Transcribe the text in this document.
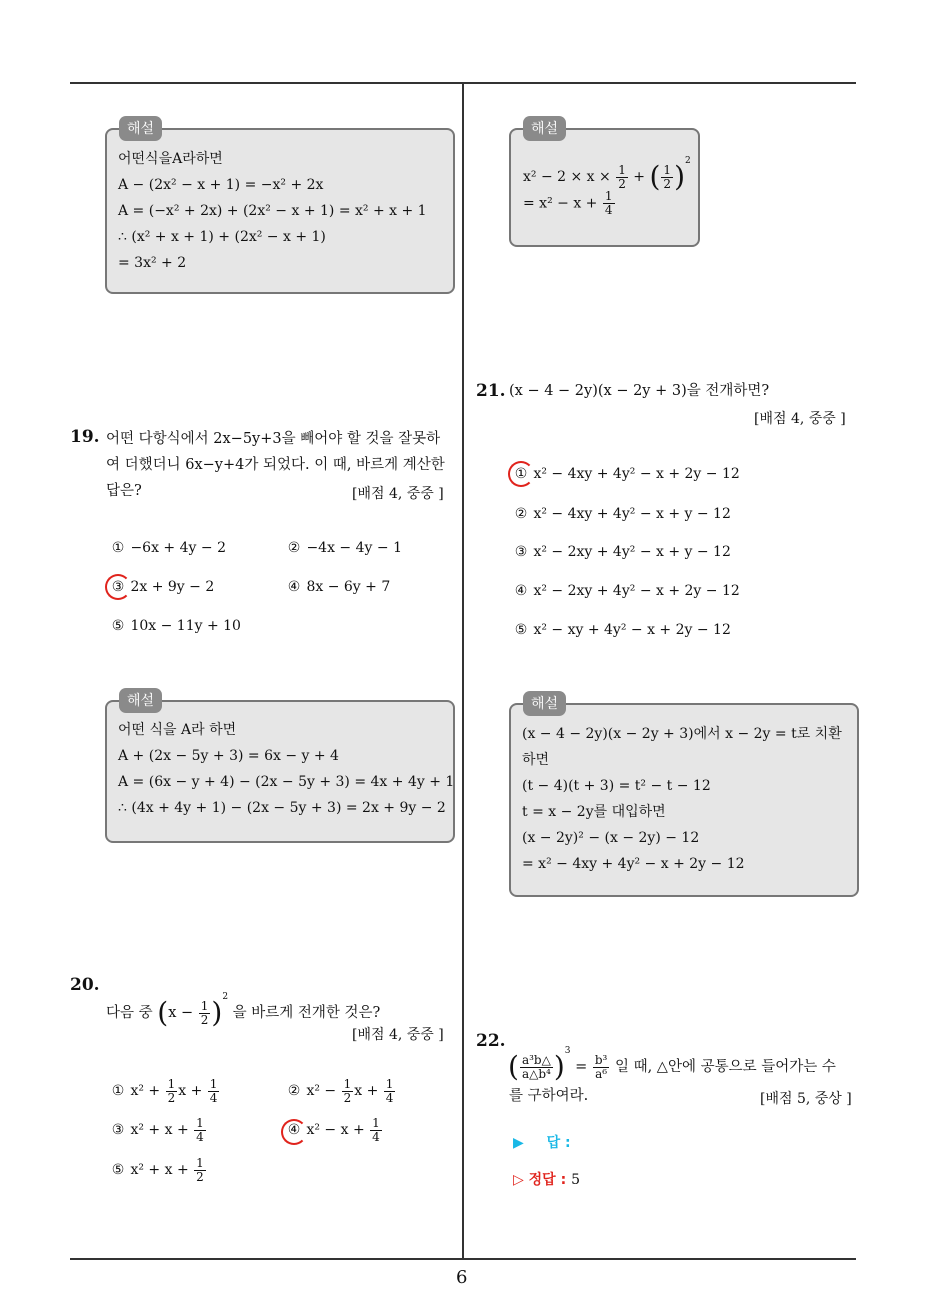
해설
어떤식을A라하면
A − (2x² − x + 1) = −x² + 2x
A = (−x² + 2x) + (2x² − x + 1) = x² + x + 1
∴ (x² + x + 1) + (2x² − x + 1)
= 3x² + 2
해설
$x^2 - 2 \times x \times \frac{1}{2}$ + ( $\frac{1}{2} )^2$
= $x^2 - x + \frac{1}{4}$
19. 어떤 다항식에서 2x−5y+3을 빼어야 할 것을 잘못하
여 더했더니 6x−y+4가 되었다. 이 때, 바르게 계산한
답은?	[배점 4, 중중 ]
① −6x + 4y − 2	② −4x − 4y − 1
③ 2x + 9y − 2	④ 8x − 6y + 7
⑤ 10x − 11y + 10
해설
어떤 식을 A라 하면
A + (2x − 5y + 3) = 6x − y + 4
A = (6x − y + 4) − (2x − 5y + 3) = 4x + 4y + 1
∴ (4x + 4y + 1) − (2x − 5y + 3) = 2x + 9y − 2
21. (x − 4 − 2y)(x − 2y + 3)을 전개하면?
[배점 4, 중중 ]
① x² − 4xy + 4y² − x + 2y − 12
② x² − 4xy + 4y² − x + y − 12
③ x² − 2xy + 4y² − x + y − 12
④ x² − 2xy + 4y² − x + 2y − 12
⑤ x² − xy + 4y² − x + 2y − 12
해설
(x − 4 − 2y)(x − 2y + 3)에서 x − 2y = t로 치환
하면
(t − 4)(t + 3) = t² − t − 12
t = x − 2y를 대입하면
(x − 2y)² − (x − 2y) − 12
= x² − 4xy + 4y² − x + 2y − 12
20.
다음 중 $(x - \frac{1}{2} )^2$ 을 바르게 전개한 것은?
[배점 4, 중중 ]
① $x^2 + \frac{1}{2}$ $x + \frac{1}{4}$	② $x^2 - \frac{1}{2}$ $x + \frac{1}{4}$
③ $x^2 + x + \frac{1}{4}$	④ $x^2 - x + \frac{1}{4}$
⑤ $x^2 + x + \frac{1}{2}$
22.
( $\frac{\text{a³b△}}{\text{a△b⁴}} )^3 = \frac{\text{b³}}{\text{a⁶}}$ 일 때, △안에 공통으로 들어가는 수
를 구하여라.	[배점 5, 중상 ]
▶ 답 :
▷ 정답 : 5
6
